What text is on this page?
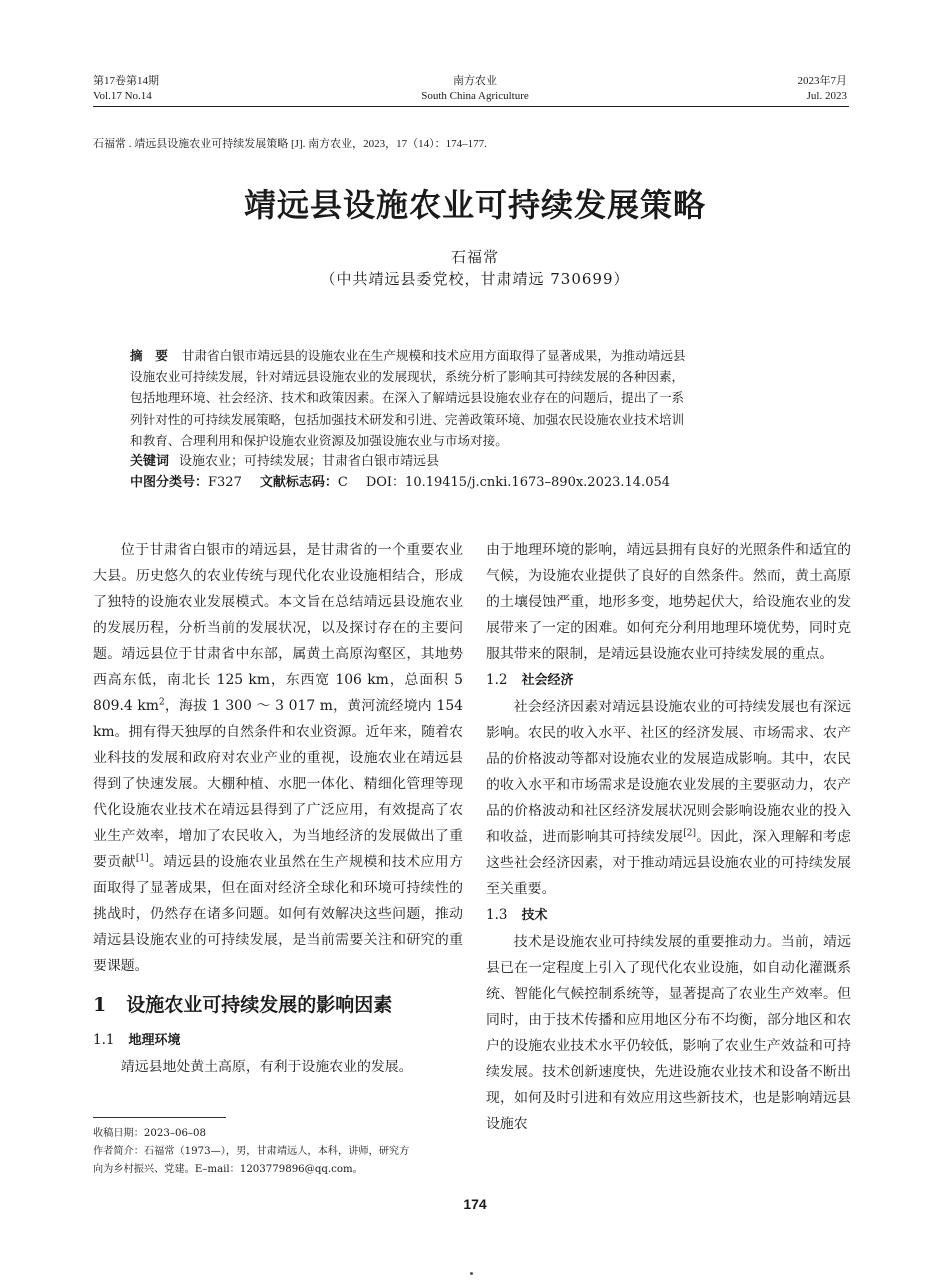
第17卷第14期
Vol.17 No.14
南方农业
South China Agriculture
2023年7月
Jul. 2023
石福常 . 靖远县设施农业可持续发展策略 [J]. 南方农业，2023，17（14）：174–177.
靖远县设施农业可持续发展策略
石福常
（中共靖远县委党校，甘肃靖远 730699）

摘　要 甘肃省白银市靖远县的设施农业在生产规模和技术应用方面取得了显著成果，为推动靖远县

设施农业可持续发展，针对靖远县设施农业的发展现状，系统分析了影响其可持续发展的各种因素，

包括地理环境、社会经济、技术和政策因素。在深入了解靖远县设施农业存在的问题后，提出了一系

列针对性的可持续发展策略，包括加强技术研发和引进、完善政策环境、加强农民设施农业技术培训

和教育、合理利用和保护设施农业资源及加强设施农业与市场对接。

关键词 设施农业；可持续发展；甘肃省白银市靖远县

中图分类号：F327 文献标志码：C DOI：10.19415/j.cnki.1673–890x.2023.14.054

位于甘肃省白银市的靖远县，是甘肃省的一个重要农业大县。历史悠久的农业传统与现代化农业设施相结合，形成了独特的设施农业发展模式。本文旨在总结靖远县设施农业的发展历程，分析当前的发展状况，以及探讨存在的主要问题。靖远县位于甘肃省中东部，属黄土高原沟壑区，其地势西高东低，南北长 125 km，东西宽 106 km，总面积 5 809.4 $km^2$，海拔 1 300 ～ 3 017 m，黄河流经境内 154 km。拥有得天独厚的自然条件和农业资源。近年来，随着农业科技的发展和政府对农业产业的重视，设施农业在靖远县得到了快速发展。大棚种植、水肥一体化、精细化管理等现代化设施农业技术在靖远县得到了广泛应用，有效提高了农业生产效率，增加了农民收入，为当地经济的发展做出了重要贡献[1]。靖远县的设施农业虽然在生产规模和技术应用方面取得了显著成果，但在面对经济全球化和环境可持续性的挑战时，仍然存在诸多问题。如何有效解决这些问题，推动靖远县设施农业的可持续发展，是当前需要关注和研究的重要课题。

1 设施农业可持续发展的影响因素

1.1 地理环境

靖远县地处黄土高原，有利于设施农业的发展。

由于地理环境的影响，靖远县拥有良好的光照条件和适宜的气候，为设施农业提供了良好的自然条件。然而，黄土高原的土壤侵蚀严重，地形多变，地势起伏大，给设施农业的发展带来了一定的困难。如何充分利用地理环境优势，同时克服其带来的限制，是靖远县设施农业可持续发展的重点。

1.2 社会经济

社会经济因素对靖远县设施农业的可持续发展也有深远影响。农民的收入水平、社区的经济发展、市场需求、农产品的价格波动等都对设施农业的发展造成影响。其中，农民的收入水平和市场需求是设施农业发展的主要驱动力，农产品的价格波动和社区经济发展状况则会影响设施农业的投入和收益，进而影响其可持续发展[2]。因此，深入理解和考虑这些社会经济因素，对于推动靖远县设施农业的可持续发展至关重要。

1.3 技术

技术是设施农业可持续发展的重要推动力。当前，靖远县已在一定程度上引入了现代化农业设施，如自动化灌溉系统、智能化气候控制系统等，显著提高了农业生产效率。但同时，由于技术传播和应用地区分布不均衡，部分地区和农户的设施农业技术水平仍较低，影响了农业生产效益和可持续发展。技术创新速度快，先进设施农业技术和设备不断出现，如何及时引进和有效应用这些新技术，也是影响靖远县设施农

收稿日期：2023–06–08

作者简介：石福常（1973—），男，甘肃靖远人，本科，讲师，研究方

向为乡村振兴、党建。E–mail：1203779896@qq.com。

174
